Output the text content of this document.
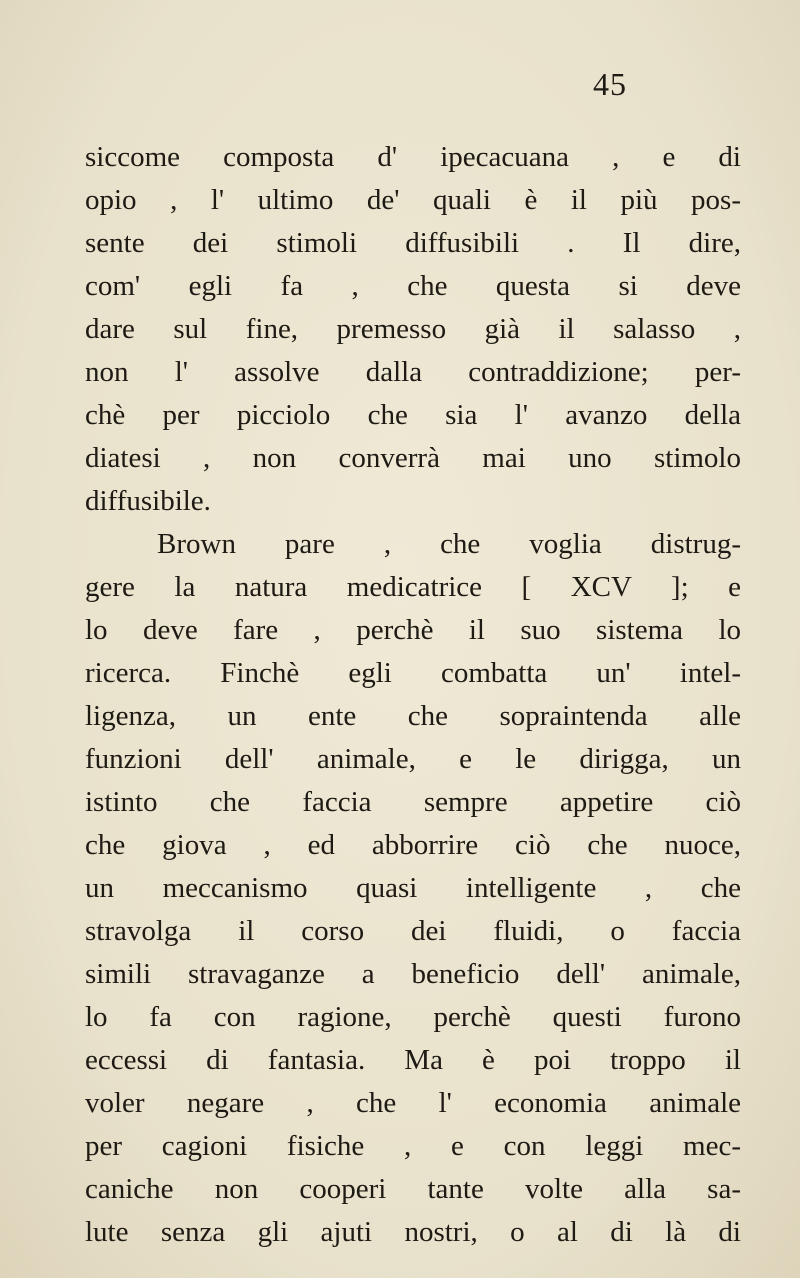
45
siccome composta d' ipecacuana , e di
opio , l' ultimo de' quali è il più pos-
sente dei stimoli diffusibili . Il dire,
com' egli fa , che questa si deve
dare sul fine, premesso già il salasso ,
non l' assolve dalla contraddizione; per-
chè per picciolo che sia l' avanzo della
diatesi , non converrà mai uno stimolo
diffusibile.
Brown pare , che voglia distrug-
gere la natura medicatrice [ XCV ]; e
lo deve fare , perchè il suo sistema lo
ricerca. Finchè egli combatta un' intel-
ligenza, un ente che sopraintenda alle
funzioni dell' animale, e le dirigga, un
istinto che faccia sempre appetire ciò
che giova , ed abborrire ciò che nuoce,
un meccanismo quasi intelligente , che
stravolga il corso dei fluidi, o faccia
simili stravaganze a beneficio dell' animale,
lo fa con ragione, perchè questi furono
eccessi di fantasia. Ma è poi troppo il
voler negare , che l' economia animale
per cagioni fisiche , e con leggi mec-
caniche non cooperi tante volte alla sa-
lute senza gli ajuti nostri, o al di là di
